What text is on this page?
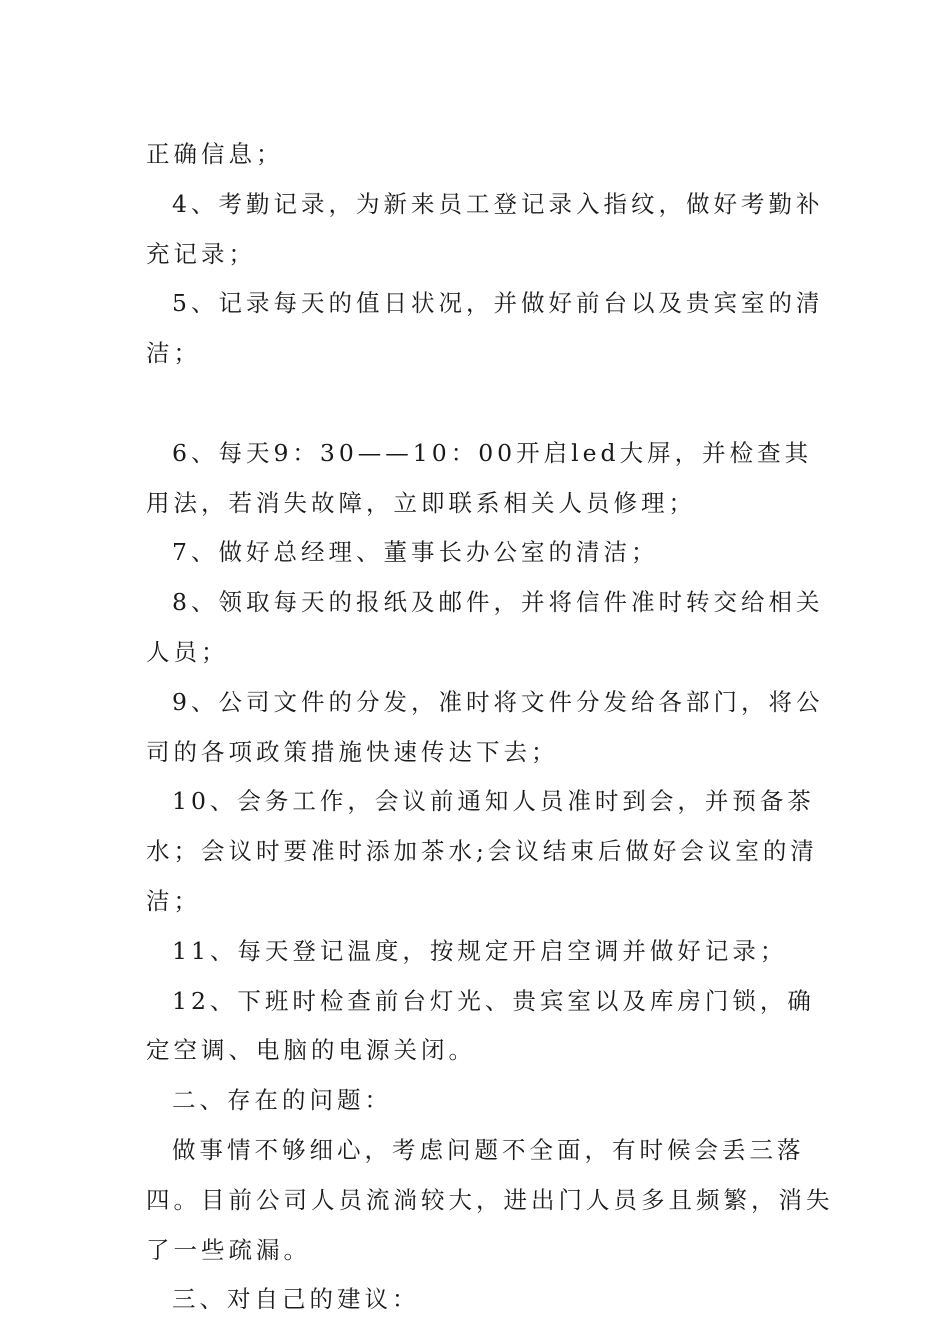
正确信息；

4、考勤记录，为新来员工登记录入指纹，做好考勤补充记录；

5、记录每天的值日状况，并做好前台以及贵宾室的清洁；

6、每天9：30——10：00开启led大屏，并检查其用法，若消失故障，立即联系相关人员修理；

7、做好总经理、董事长办公室的清洁；

8、领取每天的报纸及邮件，并将信件准时转交给相关人员；

9、公司文件的分发，准时将文件分发给各部门，将公司的各项政策措施快速传达下去；

10、会务工作，会议前通知人员准时到会，并预备茶水；会议时要准时添加茶水;会议结束后做好会议室的清洁；

11、每天登记温度，按规定开启空调并做好记录；

12、下班时检查前台灯光、贵宾室以及库房门锁，确定空调、电脑的电源关闭。

二、存在的问题：

做事情不够细心，考虑问题不全面，有时候会丢三落四。目前公司人员流淌较大，进出门人员多且频繁，消失了一些疏漏。

三、对自己的建议：
